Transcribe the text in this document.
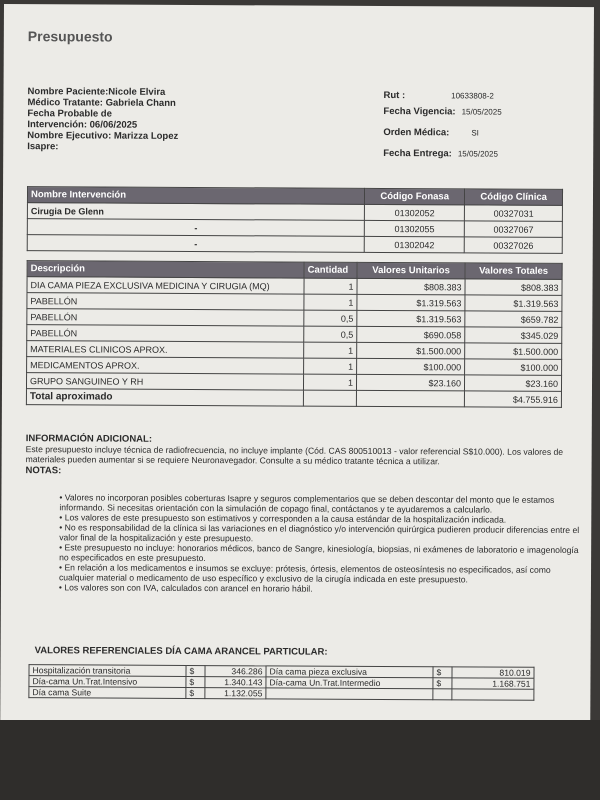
Presupuesto
Nombre Paciente:Nicole Elvira
Médico Tratante: Gabriela Chann
Fecha Probable de
Intervención: 06/06/2025
Nombre Ejecutivo: Marizza Lopez
Isapre:
Rut :	10633808-2
Fecha Vigencia: 15/05/2025
Orden Médica:	SI
Fecha Entrega: 15/05/2025
Nombre Intervención	Código Fonasa	Código Clínica
Cirugia De Glenn	01302052	00327031
-	01302055	00327067
-	01302042	00327026
Descripción	Cantidad	Valores Unitarios	Valores Totales
DIA CAMA PIEZA EXCLUSIVA MEDICINA Y CIRUGIA (MQ)	1	$808.383	$808.383
PABELLÓN	1	$1.319.563	$1.319.563
PABELLÓN	0,5	$1.319.563	$659.782
PABELLÓN	0,5	$690.058	$345.029
MATERIALES CLINICOS APROX.	1	$1.500.000	$1.500.000
MEDICAMENTOS APROX.	1	$100.000	$100.000
GRUPO SANGUINEO Y RH	1	$23.160	$23.160
Total aproximado			$4.755.916
INFORMACIÓN ADICIONAL:
Este presupuesto incluye técnica de radiofrecuencia, no incluye implante (Cód. CAS 800510013 - valor referencial S$10.000). Los valores de materiales pueden aumentar si se requiere Neuronavegador. Consulte a su médico tratante técnica a utilizar.
NOTAS:
• Valores no incorporan posibles coberturas Isapre y seguros complementarios que se deben descontar del monto que le estamos informando. Si necesitas orientación con la simulación de copago final, contáctanos y te ayudaremos a calcularlo.
• Los valores de este presupuesto son estimativos y corresponden a la causa estándar de la hospitalización indicada.
• No es responsabilidad de la clínica si las variaciones en el diagnóstico y/o intervención quirúrgica pudieren producir diferencias entre el valor final de la hospitalización y este presupuesto.
• Este presupuesto no incluye: honorarios médicos, banco de Sangre, kinesiología, biopsias, ni exámenes de laboratorio e imagenología no especificados en este presupuesto.
• En relación a los medicamentos e insumos se excluye: prótesis, órtesis, elementos de osteosíntesis no especificados, así como cualquier material o medicamento de uso específico y exclusivo de la cirugía indicada en este presupuesto.
• Los valores son con IVA, calculados con arancel en horario hábil.
VALORES REFERENCIALES DÍA CAMA ARANCEL PARTICULAR:
Hospitalización transitoria	$	346.286	Día cama pieza exclusiva	$	810.019
Día-cama Un.Trat.Intensivo	$	1.340.143	Día-cama Un.Trat.Intermedio	$	1.168.751
Día cama Suite	$	1.132.055			
